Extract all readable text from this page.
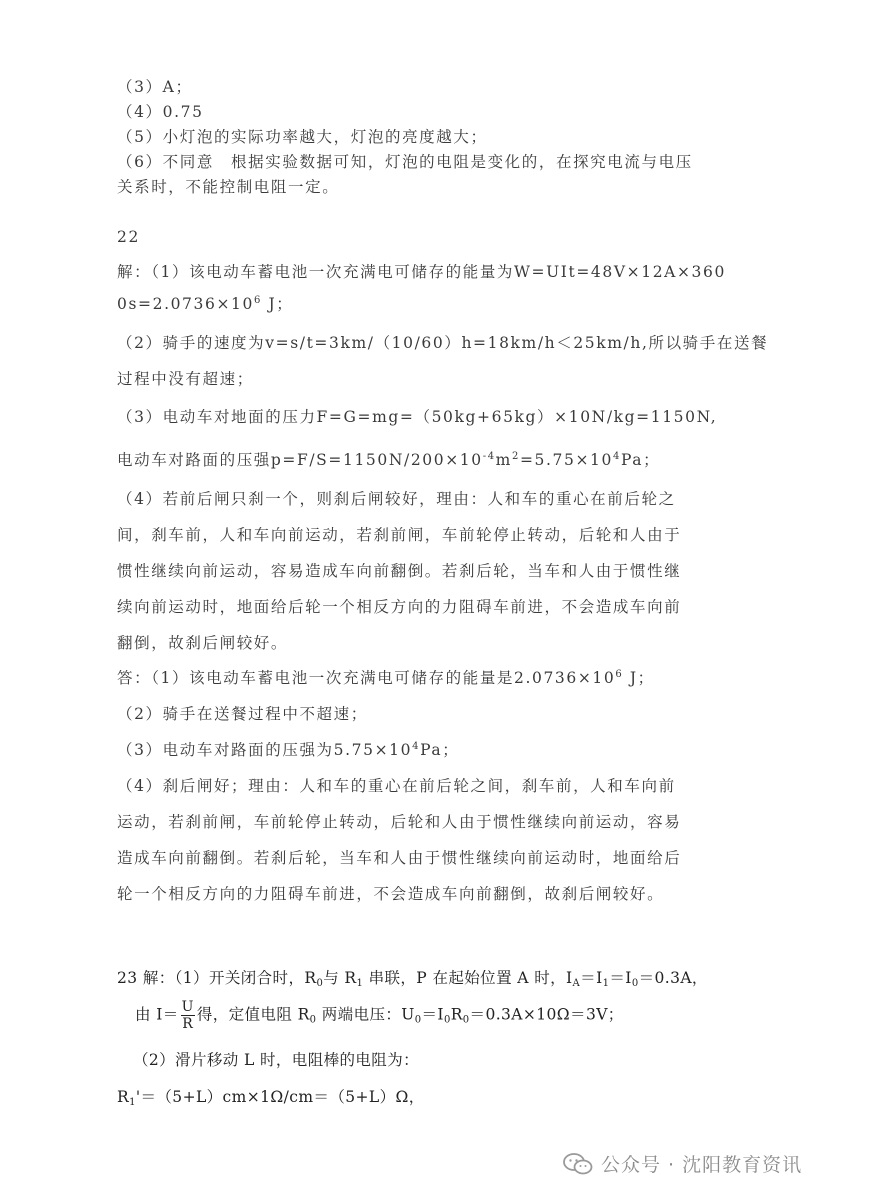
（3）A；
（4）0.75
（5）小灯泡的实际功率越大，灯泡的亮度越大；
（6）不同意　根据实验数据可知，灯泡的电阻是变化的，在探究电流与电压
关系时，不能控制电阻一定。
22
解：（1）该电动车蓄电池一次充满电可储存的能量为W=UIt=48V×12A×360
$0s=2.0736\times 10^6$ J；
（2）骑手的速度为v=s/t=3km/（10/60）h=18km/h＜25km/h,所以骑手在送餐
过程中没有超速；
（3）电动车对地面的压力F=G=mg=（50kg+65kg）×10N/kg=1150N,
电动车对路面的压强$p=F/S=1150N/200\times 10^{-4}m^2=5.75\times 10^4Pa$；
（4）若前后闸只刹一个，则刹后闸较好，理由：人和车的重心在前后轮之
间，刹车前，人和车向前运动，若刹前闸，车前轮停止转动，后轮和人由于
惯性继续向前运动，容易造成车向前翻倒。若刹后轮，当车和人由于惯性继
续向前运动时，地面给后轮一个相反方向的力阻碍车前进，不会造成车向前
翻倒，故刹后闸较好。
答：（1）该电动车蓄电池一次充满电可储存的能量是$2.0736\times 10^6$ J；
（2）骑手在送餐过程中不超速；
（3）电动车对路面的压强为$5.75\times 10^4Pa$；
（4）刹后闸好；理由：人和车的重心在前后轮之间，刹车前，人和车向前
运动，若刹前闸，车前轮停止转动，后轮和人由于惯性继续向前运动，容易
造成车向前翻倒。若刹后轮，当车和人由于惯性继续向前运动时，地面给后
轮一个相反方向的力阻碍车前进，不会造成车向前翻倒，故刹后闸较好。
23 解：（1）开关闭合时，$R_0$与 $R_1$ 串联，P 在起始位置 A 时，$I_A=I_1=I_0=0.3A$，
由 $I= \frac{U}{R}$ 得，定值电阻 $R_0$ 两端电压：$U_0=I_0R_0=0.3A\times 10\Omega=3V$；
（2）滑片移动 L 时，电阻棒的电阻为：
$R_1'=(5+L)cm\times 1\Omega/cm=(5+L)\Omega$，
公众号 · 沈阳教育资讯
